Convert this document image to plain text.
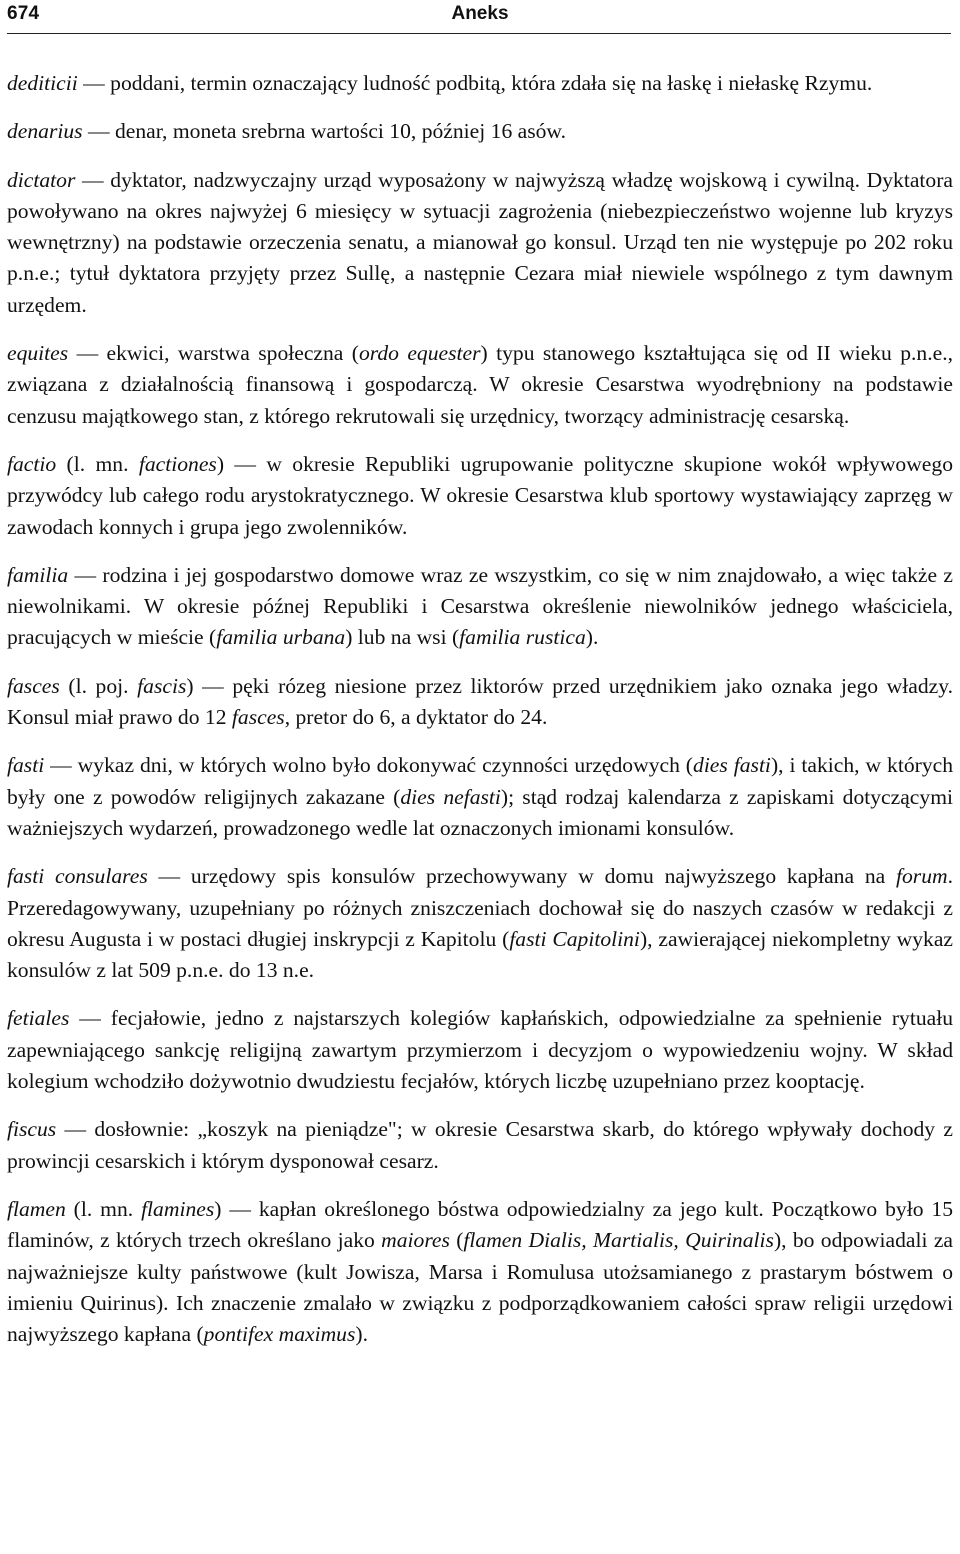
674	Aneks

dediticii — poddani, termin oznaczający ludność podbitą, która zdała się na łaskę i niełaskę Rzymu.

denarius — denar, moneta srebrna wartości 10, później 16 asów.

dictator — dyktator, nadzwyczajny urząd wyposażony w najwyższą władzę wojskową i cywilną. Dyktatora powoływano na okres najwyżej 6 miesięcy w sytuacji zagrożenia (niebezpieczeństwo wojenne lub kryzys wewnętrzny) na podstawie orzeczenia senatu, a mianował go konsul. Urząd ten nie występuje po 202 roku p.n.e.; tytuł dyktatora przyjęty przez Sullę, a następnie Cezara miał niewiele wspólnego z tym dawnym urzędem.

equites — ekwici, warstwa społeczna (ordo equester) typu stanowego kształtująca się od II wieku p.n.e., związana z działalnością finansową i gospodarczą. W okresie Cesarstwa wyodrębniony na podstawie cenzusu majątkowego stan, z którego rekrutowali się urzędnicy, tworzący administrację cesarską.

factio (l. mn. factiones) — w okresie Republiki ugrupowanie polityczne skupione wokół wpływowego przywódcy lub całego rodu arystokratycznego. W okresie Cesarstwa klub sportowy wystawiający zaprzęg w zawodach konnych i grupa jego zwolenników.

familia — rodzina i jej gospodarstwo domowe wraz ze wszystkim, co się w nim znajdowało, a więc także z niewolnikami. W okresie późnej Republiki i Cesarstwa określenie niewolników jednego właściciela, pracujących w mieście (familia urbana) lub na wsi (familia rustica).

fasces (l. poj. fascis) — pęki rózeg niesione przez liktorów przed urzędnikiem jako oznaka jego władzy. Konsul miał prawo do 12 fasces, pretor do 6, a dyktator do 24.

fasti — wykaz dni, w których wolno było dokonywać czynności urzędowych (dies fasti), i takich, w których były one z powodów religijnych zakazane (dies nefasti); stąd rodzaj kalendarza z zapiskami dotyczącymi ważniejszych wydarzeń, prowadzonego wedle lat oznaczonych imionami konsulów.

fasti consulares — urzędowy spis konsulów przechowywany w domu najwyższego kapłana na forum. Przeredagowywany, uzupełniany po różnych zniszczeniach dochował się do naszych czasów w redakcji z okresu Augusta i w postaci długiej inskrypcji z Kapitolu (fasti Capitolini), zawierającej niekompletny wykaz konsulów z lat 509 p.n.e. do 13 n.e.

fetiales — fecjałowie, jedno z najstarszych kolegiów kapłańskich, odpowiedzialne za spełnienie rytuału zapewniającego sankcję religijną zawartym przymierzom i decyzjom o wypowiedzeniu wojny. W skład kolegium wchodziło dożywotnio dwudziestu fecjałów, których liczbę uzupełniano przez kooptację.

fiscus — dosłownie: „koszyk na pieniądze"; w okresie Cesarstwa skarb, do którego wpływały dochody z prowincji cesarskich i którym dysponował cesarz.

flamen (l. mn. flamines) — kapłan określonego bóstwa odpowiedzialny za jego kult. Początkowo było 15 flaminów, z których trzech określano jako maiores (flamen Dialis, Martialis, Quirinalis), bo odpowiadali za najważniejsze kulty państwowe (kult Jowisza, Marsa i Romulusa utożsamianego z prastarym bóstwem o imieniu Quirinus). Ich znaczenie zmalało w związku z podporządkowaniem całości spraw religii urzędowi najwyższego kapłana (pontifex maximus).
